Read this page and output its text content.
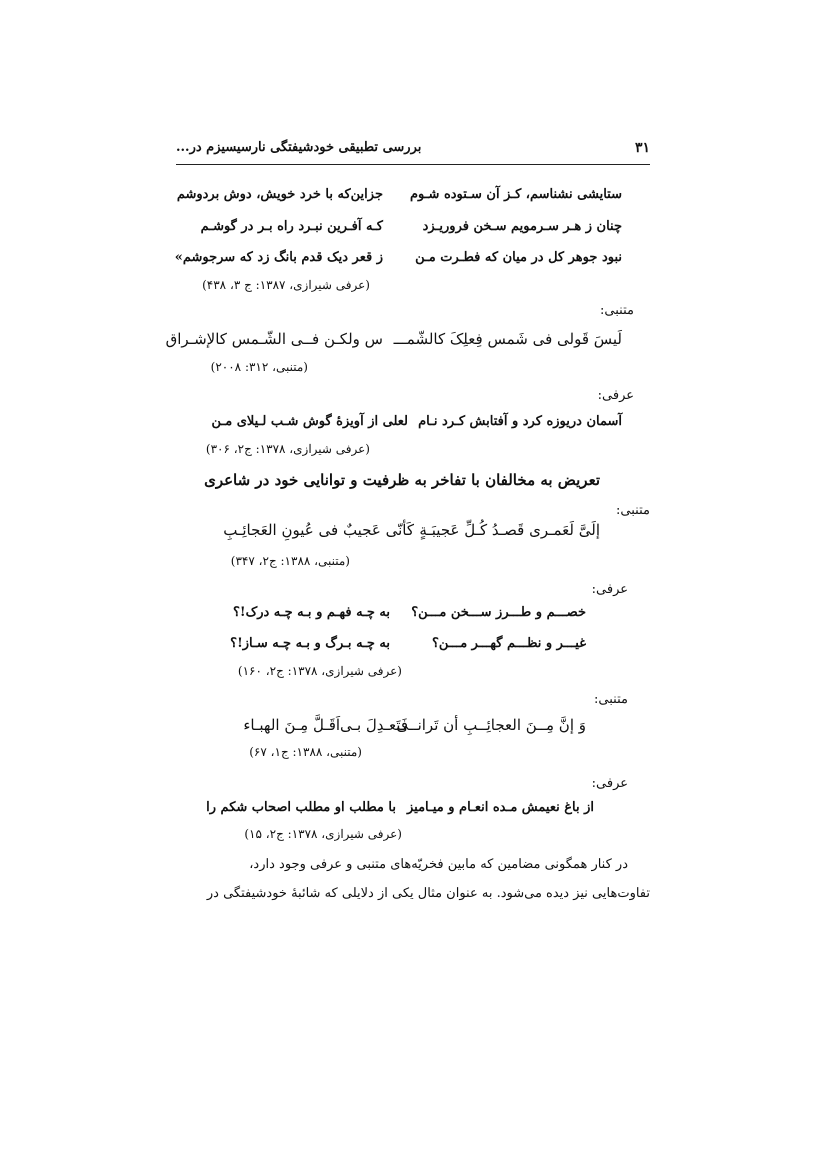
۳۱
بررسی تطبیقی خودشیفتگی نارسیسیزم در...
ستایشی نشناسم، کـز آن سـتوده شـوم
جزاین‌که با خرد خویش، دوش بردوشم
چنان ز هـر سـرمویم سـخن فروریـزد
کـه آفـرین نبـرد راه بـر در گوشـم
نبود جوهر کل در میان که فطـرت مـن
ز قعر دیک قدم بانگ زد که سرجوشم»
(عرفی شیرازی، ۱۳۸۷: ج ۳، ۴۳۸)
متنبی:
لَیسَ قَولی فی شَمس فِعلِکَ کالشّمـــ
س ولکـن فــی الشّـمس کالإشـراق
(متنبی، ۳۱۲: ۲۰۰۸)
عرفی:
آسمان دریوزه کرد و آفتابش کـرد نـام
لعلی از آویزهٔ گوش شـب لـیلای مـن
(عرفی شیرازی، ۱۳۷۸: ج۲، ۳۰۶)
تعریض به مخالفان با تفاخر به ظرفیت و توانایی خود در شاعری
متنبی:
إلَیَّ لَعَمـری قَصـدُ کُـلِّ عَجیبَـةٍ
کَأنّی عَجیبٌ فی عُیونِ العَجائِـبِ
(متنبی، ۱۳۸۸: ج۲، ۳۴۷)
عرفی:
خصـــم و طـــرز ســـخن مـــن؟
به چـه فهـم و بـه چـه درک!؟
غیـــر و نظـــم گهـــر مـــن؟
به چـه بـرگ و بـه چـه سـاز!؟
(عرفی شیرازی، ۱۳۷۸: ج۲، ۱۶۰)
متنبی:
وَ إنَّ مِــنَ العجائِــبِ أن تَرانــی
فَتَعـدِلَ بـی‌اَقَـلَّ مِـنَ الهبـاء
(متنبی، ۱۳۸۸: ج۱، ۶۷)
عرفی:
از باغ نعیمش مـده انعـام و میـامیز
با مطلب او مطلب اصحاب شکم را
(عرفی شیرازی، ۱۳۷۸: ج۲، ۱۵)
در کنار همگونی مضامین که مابین فخریّه‌های متنبی و عرفی وجود دارد،
تفاوت‌هایی نیز دیده می‌شود. به عنوان مثال یکی از دلایلی که شائبهٔ خودشیفتگی در
